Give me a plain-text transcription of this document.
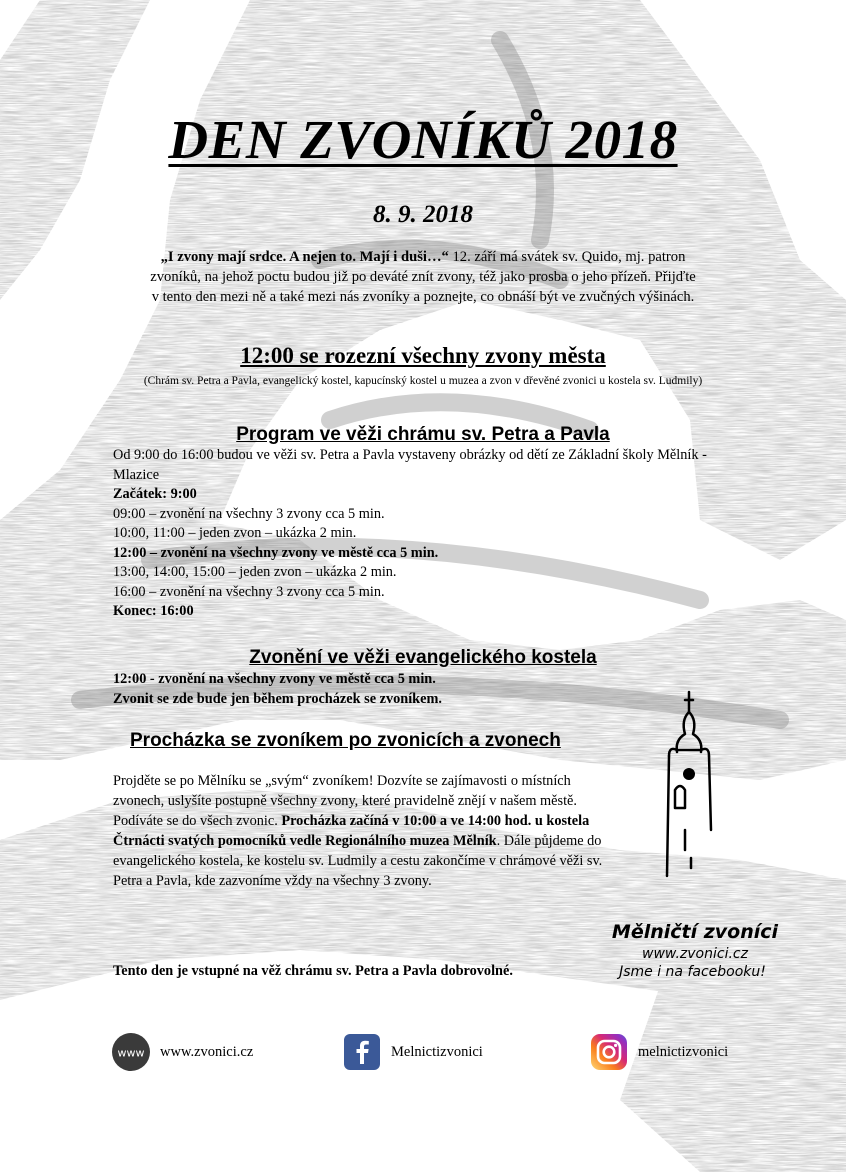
DEN ZVONÍKŮ 2018
8. 9. 2018
„I zvony mají srdce. A nejen to. Mají i duši…“ 12. září má svátek sv. Quido, mj. patron
zvoníků, na jehož poctu budou již po deváté znít zvony, též jako prosba o jeho přízeň. Přijďte
v tento den mezi ně a také mezi nás zvoníky a poznejte, co obnáší být ve zvučných výšinách.
12:00 se rozezní všechny zvony města
(Chrám sv. Petra a Pavla, evangelický kostel, kapucínský kostel u muzea a zvon v dřevěné zvonici u kostela sv. Ludmily)
Program ve věži chrámu sv. Petra a Pavla
Od 9:00 do 16:00 budou ve věži sv. Petra a Pavla vystaveny obrázky od dětí ze Základní školy Mělník - Mlazice
Začátek: 9:00
09:00 – zvonění na všechny 3 zvony cca 5 min.
10:00, 11:00 – jeden zvon – ukázka 2 min.
12:00 – zvonění na všechny zvony ve městě cca 5 min.
13:00, 14:00, 15:00 – jeden zvon – ukázka 2 min.
16:00 – zvonění na všechny 3 zvony cca 5 min.
Konec: 16:00
Zvonění ve věži evangelického kostela
12:00 - zvonění na všechny zvony ve městě cca 5 min.
Zvonit se zde bude jen během procházek se zvoníkem.
Procházka se zvoníkem po zvonicích a zvonech
Projděte se po Mělníku se „svým“ zvoníkem! Dozvíte se zajímavosti o místních zvonech, uslyšíte postupně všechny zvony, které pravidelně znějí v našem městě. Podíváte se do všech zvonic. Procházka začíná v 10:00 a ve 14:00 hod. u kostela Čtrnácti svatých pomocníků vedle Regionálního muzea Mělník. Dále půjdeme do evangelického kostela, ke kostelu sv. Ludmily a cestu zakončíme v chrámové věži sv. Petra a Pavla, kde zazvoníme vždy na všechny 3 zvony.
Tento den je vstupné na věž chrámu sv. Petra a Pavla dobrovolné.
Mělničtí zvoníci
www.zvonici.cz
Jsme i na facebooku!
www www.zvonici.cz	Melnictizvonici	melnictizvonici
